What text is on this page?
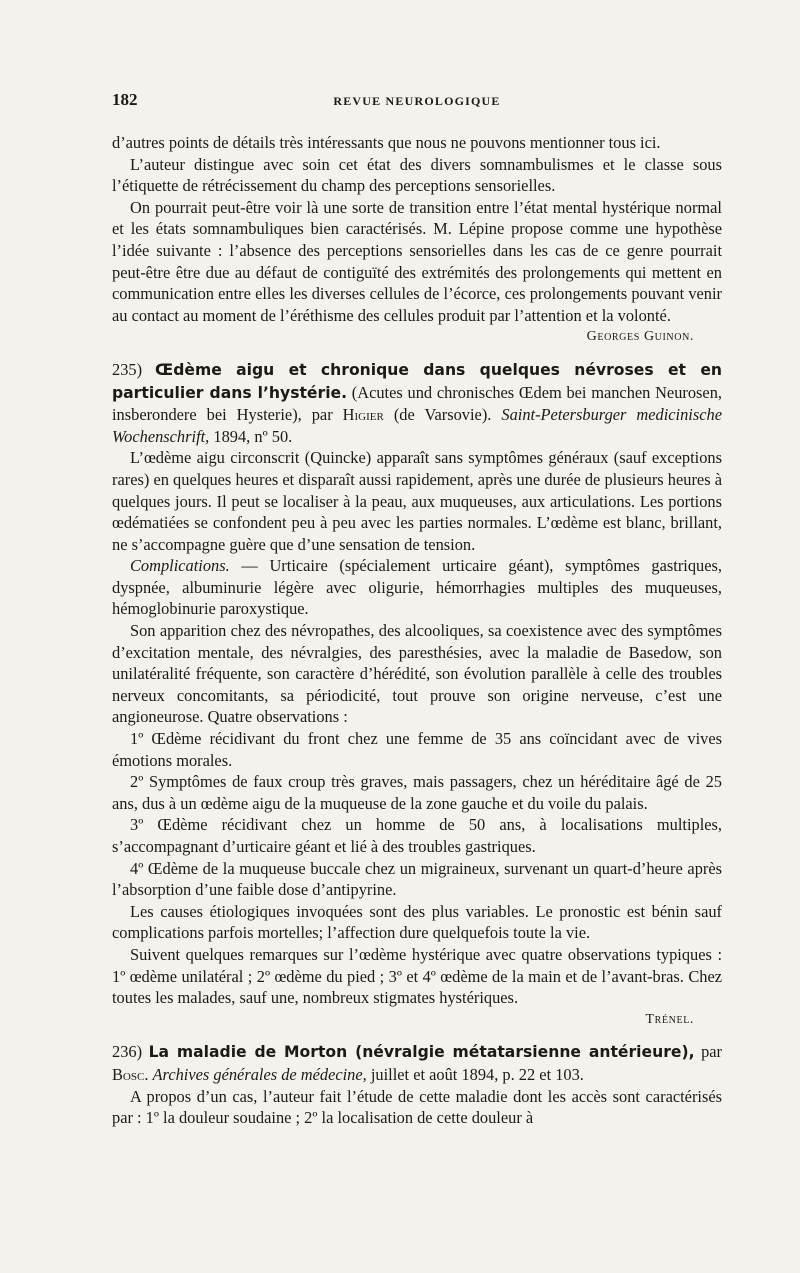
182	REVUE NEUROLOGIQUE

d’autres points de détails très intéressants que nous ne pouvons mentionner tous ici.

L’auteur distingue avec soin cet état des divers somnambulismes et le classe sous l’étiquette de rétrécissement du champ des perceptions sensorielles.

On pourrait peut-être voir là une sorte de transition entre l’état mental hystérique normal et les états somnambuliques bien caractérisés. M. Lépine propose comme une hypothèse l’idée suivante : l’absence des perceptions sensorielles dans les cas de ce genre pourrait peut-être être due au défaut de contiguïté des extrémités des prolongements qui mettent en communication entre elles les diverses cellules de l’écorce, ces prolongements pouvant venir au contact au moment de l’éréthisme des cellules produit par l’attention et la volonté.

Georges Guinon.

235) Œdème aigu et chronique dans quelques névroses et en particulier dans l’hystérie. (Acutes und chronisches Œdem bei manchen Neurosen, insberondere bei Hysterie), par Higier (de Varsovie). Saint-Petersburger medicinische Wochenschrift, 1894, nº 50.

L’œdème aigu circonscrit (Quincke) apparaît sans symptômes généraux (sauf exceptions rares) en quelques heures et disparaît aussi rapidement, après une durée de plusieurs heures à quelques jours. Il peut se localiser à la peau, aux muqueuses, aux articulations. Les portions œdématiées se confondent peu à peu avec les parties normales. L’œdème est blanc, brillant, ne s’accompagne guère que d’une sensation de tension.

Complications. — Urticaire (spécialement urticaire géant), symptômes gastriques, dyspnée, albuminurie légère avec oligurie, hémorrhagies multiples des muqueuses, hémoglobinurie paroxystique.

Son apparition chez des névropathes, des alcooliques, sa coexistence avec des symptômes d’excitation mentale, des névralgies, des paresthésies, avec la maladie de Basedow, son unilatéralité fréquente, son caractère d’hérédité, son évolution parallèle à celle des troubles nerveux concomitants, sa périodicité, tout prouve son origine nerveuse, c’est une angioneurose. Quatre observations :

1º Œdème récidivant du front chez une femme de 35 ans coïncidant avec de vives émotions morales.

2º Symptômes de faux croup très graves, mais passagers, chez un héréditaire âgé de 25 ans, dus à un œdème aigu de la muqueuse de la zone gauche et du voile du palais.

3º Œdème récidivant chez un homme de 50 ans, à localisations multiples, s’accompagnant d’urticaire géant et lié à des troubles gastriques.

4º Œdème de la muqueuse buccale chez un migraineux, survenant un quart-d’heure après l’absorption d’une faible dose d’antipyrine.

Les causes étiologiques invoquées sont des plus variables. Le pronostic est bénin sauf complications parfois mortelles; l’affection dure quelquefois toute la vie.

Suivent quelques remarques sur l’œdème hystérique avec quatre observations typiques : 1º œdème unilatéral ; 2º œdème du pied ; 3º et 4º œdème de la main et de l’avant-bras. Chez toutes les malades, sauf une, nombreux stigmates hystériques.

Trénel.

236) La maladie de Morton (névralgie métatarsienne antérieure), par Bosc. Archives générales de médecine, juillet et août 1894, p. 22 et 103.

A propos d’un cas, l’auteur fait l’étude de cette maladie dont les accès sont caractérisés par : 1º la douleur soudaine ; 2º la localisation de cette douleur à
